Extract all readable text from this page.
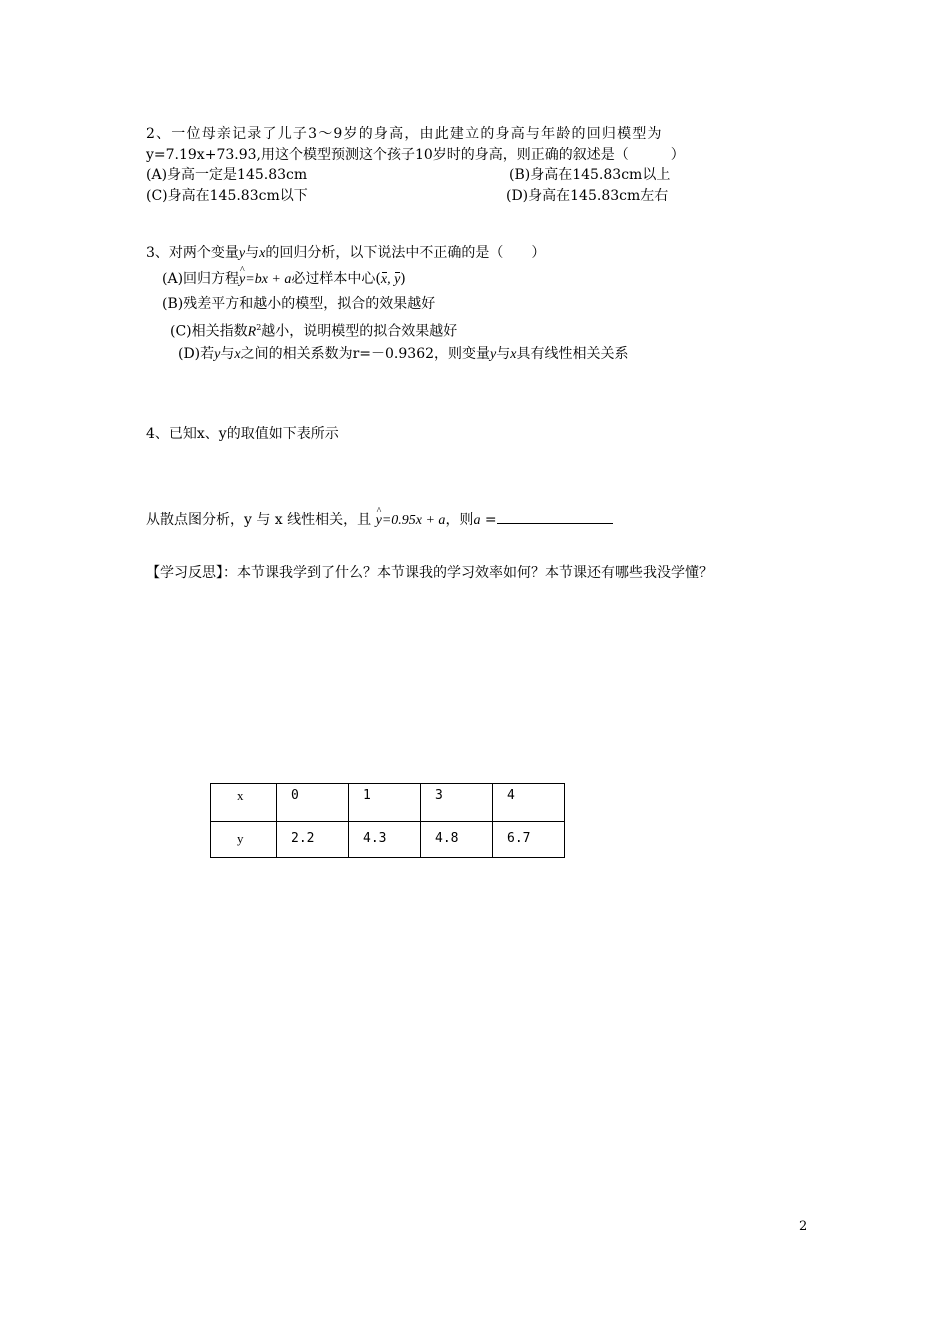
2、一位母亲记录了儿子3～9岁的身高，由此建立的身高与年龄的回归模型为
y=7.19x+73.93,用这个模型预测这个孩子10岁时的身高，则正确的叙述是（　　　）
(A)身高一定是145.83cm	(B)身高在145.83cm以上
(C)身高在145.83cm以下	(D)身高在145.83cm左右
3、对两个变量y与x的回归分析，以下说法中不正确的是（　　）
(A)回归方程^ y=bx + a必过样本中心(x, y)
(B)残差平方和越小的模型，拟合的效果越好
(C)相关指数$R^2$越小，说明模型的拟合效果越好
(D)若y与x之间的相关系数为r=－0.9362，则变量y与x具有线性相关关系
4、已知x、y的取值如下表所示
从散点图分析，y 与 x 线性相关，且 ^ y=0.95x + a，则a =
【学习反思】：本节课我学到了什么？本节课我的学习效率如何？本节课还有哪些我没学懂？
x	0	1	3	4
y	2.2	4.3	4.8	6.7
2
